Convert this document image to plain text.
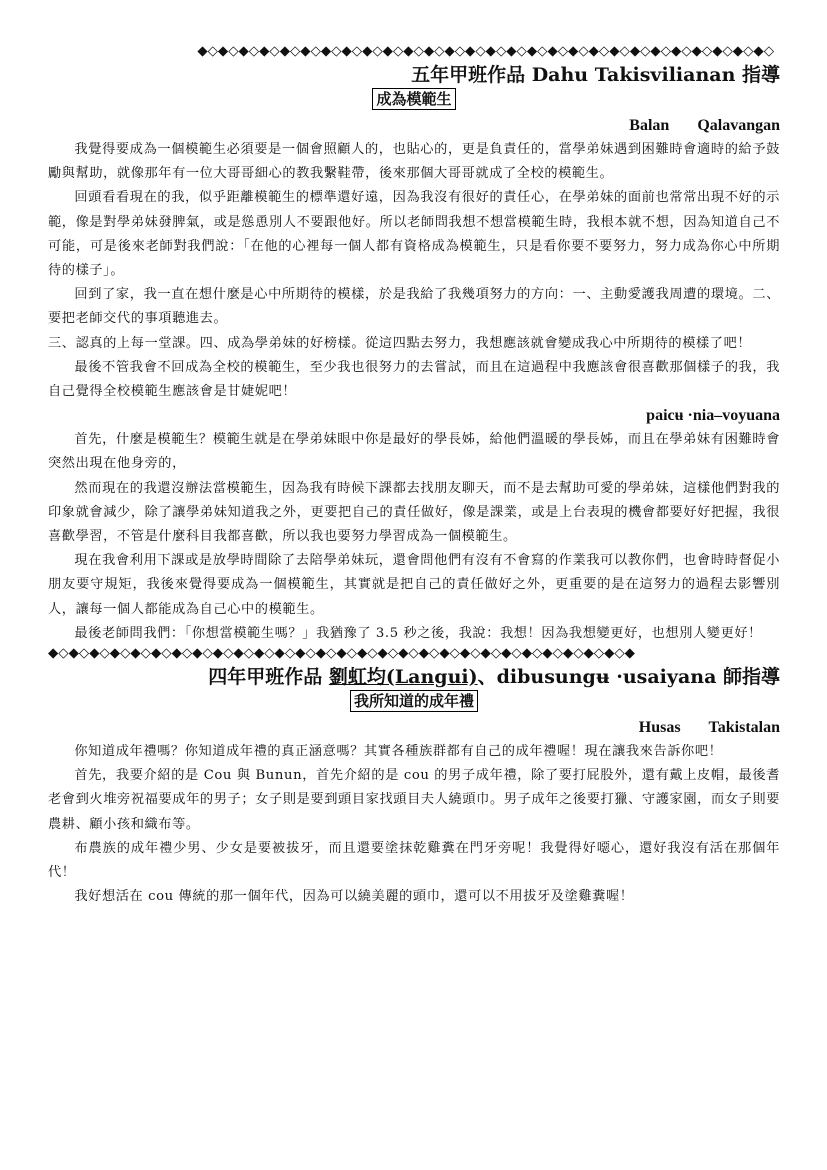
◆◇◆◇◆◇◆◇◆◇◆◇◆◇◆◇◆◇◆◇◆◇◆◇◆◇◆◇◆◇◆◇◆◇◆◇◆◇◆◇◆◇◆◇◆◇◆◇◆◇◆◇◆◇◆◇
五年甲班作品 Dahu Takisvilianan 指導
成為模範生
Balan Qalavangan

我覺得要成為一個模範生必須要是一個會照顧人的，也貼心的，更是負責任的，當學弟妹遇到困難時會適時的給予鼓勵與幫助，就像那年有一位大哥哥細心的教我繫鞋帶，後來那個大哥哥就成了全校的模範生。

回頭看看現在的我，似乎距離模範生的標準還好遠，因為我沒有很好的責任心，在學弟妹的面前也常常出現不好的示範，像是對學弟妹發脾氣，或是慫恿別人不要跟他好。所以老師問我想不想當模範生時，我根本就不想，因為知道自己不可能，可是後來老師對我們說：「在他的心裡每一個人都有資格成為模範生，只是看你要不要努力，努力成為你心中所期待的樣子」。

回到了家，我一直在想什麼是心中所期待的模樣，於是我給了我幾項努力的方向：一、主動愛護我周遭的環境。二、要把老師交代的事項聽進去。

三、認真的上每一堂課。四、成為學弟妹的好榜樣。從這四點去努力，我想應該就會變成我心中所期待的模樣了吧！

最後不管我會不回成為全校的模範生，至少我也很努力的去嘗試，而且在這過程中我應該會很喜歡那個樣子的我，我自己覺得全校模範生應該會是甘婕妮吧！

paicʉ ·nia–voyuana

首先，什麼是模範生？模範生就是在學弟妹眼中你是最好的學長姊，給他們溫暖的學長姊，而且在學弟妹有困難時會突然出現在他身旁的，

然而現在的我還沒辦法當模範生，因為我有時候下課都去找朋友聊天，而不是去幫助可愛的學弟妹，這樣他們對我的印象就會減少，除了讓學弟妹知道我之外，更要把自己的責任做好，像是課業，或是上台表現的機會都要好好把握，我很喜歡學習，不管是什麼科目我都喜歡，所以我也要努力學習成為一個模範生。

現在我會利用下課或是放學時間除了去陪學弟妹玩，還會問他們有沒有不會寫的作業我可以教你們，也會時時督促小朋友要守規矩，我後來覺得要成為一個模範生，其實就是把自己的責任做好之外，更重要的是在這努力的過程去影響別人，讓每一個人都能成為自己心中的模範生。

最後老師問我們：「你想當模範生嗎？」我猶豫了 3.5 秒之後，我說：我想！因為我想變更好，也想別人變更好！

◆◇◆◇◆◇◆◇◆◇◆◇◆◇◆◇◆◇◆◇◆◇◆◇◆◇◆◇◆◇◆◇◆◇◆◇◆◇◆◇◆◇◆◇◆◇◆◇◆◇◆◇◆◇◆◇◆
四年甲班作品 劉虹均(Langui)、dibusungʉ ·usaiyana 師指導
我所知道的成年禮
Husas Takistalan

你知道成年禮嗎？你知道成年禮的真正涵意嗎？其實各種族群都有自己的成年禮喔！現在讓我來告訴你吧！

首先，我要介紹的是 Cou 與 Bunun，首先介紹的是 cou 的男子成年禮，除了要打屁股外，還有戴上皮帽，最後耆老會到火堆旁祝福要成年的男子；女子則是要到頭目家找頭目夫人繞頭巾。男子成年之後要打獵、守護家園，而女子則要農耕、顧小孩和織布等。

布農族的成年禮少男、少女是要被拔牙，而且還要塗抹乾雞糞在門牙旁呢！我覺得好噁心，還好我沒有活在那個年代！

我好想活在 cou 傳統的那一個年代，因為可以繞美麗的頭巾，還可以不用拔牙及塗雞糞喔！
